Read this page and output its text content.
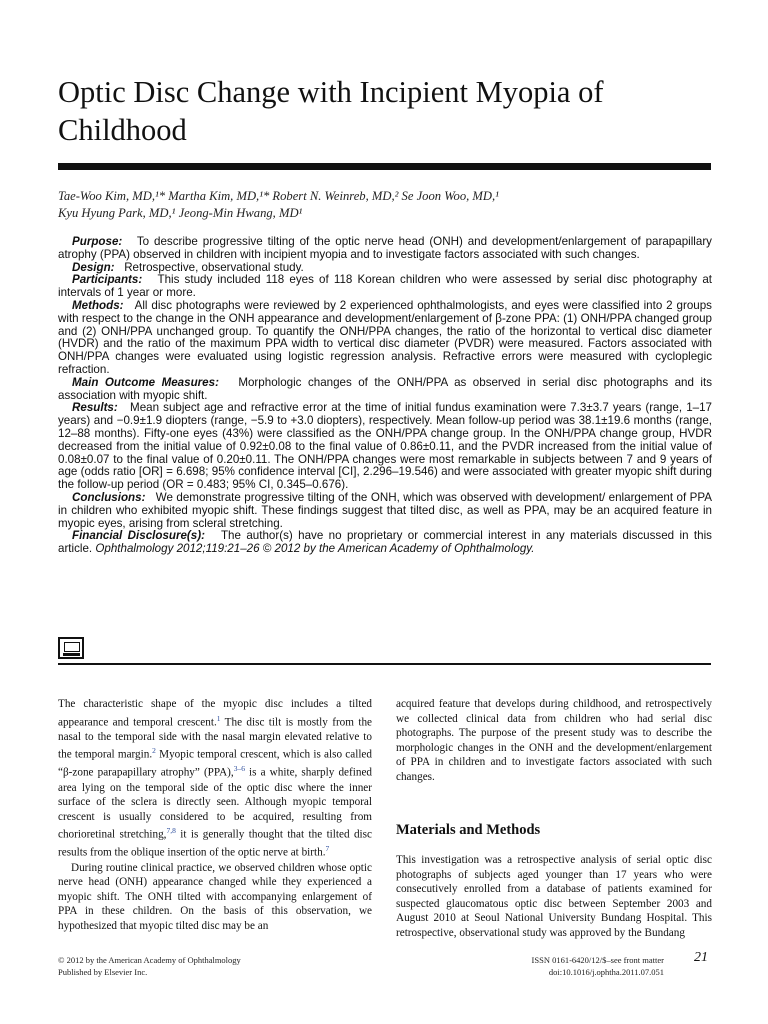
Optic Disc Change with Incipient Myopia of Childhood
Tae-Woo Kim, MD,¹* Martha Kim, MD,¹* Robert N. Weinreb, MD,² Se Joon Woo, MD,¹
Kyu Hyung Park, MD,¹ Jeong-Min Hwang, MD¹

Purpose: To describe progressive tilting of the optic nerve head (ONH) and development/enlargement of parapapillary atrophy (PPA) observed in children with incipient myopia and to investigate factors associated with such changes.

Design: Retrospective, observational study.

Participants: This study included 118 eyes of 118 Korean children who were assessed by serial disc photography at intervals of 1 year or more.

Methods: All disc photographs were reviewed by 2 experienced ophthalmologists, and eyes were classified into 2 groups with respect to the change in the ONH appearance and development/enlargement of β-zone PPA: (1) ONH/PPA changed group and (2) ONH/PPA unchanged group. To quantify the ONH/PPA changes, the ratio of the horizontal to vertical disc diameter (HVDR) and the ratio of the maximum PPA width to vertical disc diameter (PVDR) were measured. Factors associated with ONH/PPA changes were evaluated using logistic regression analysis. Refractive errors were measured with cycloplegic refraction.

Main Outcome Measures: Morphologic changes of the ONH/PPA as observed in serial disc photographs and its association with myopic shift.

Results: Mean subject age and refractive error at the time of initial fundus examination were 7.3±3.7 years (range, 1–17 years) and −0.9±1.9 diopters (range, −5.9 to +3.0 diopters), respectively. Mean follow-up period was 38.1±19.6 months (range, 12–88 months). Fifty-one eyes (43%) were classified as the ONH/PPA change group. In the ONH/PPA change group, HVDR decreased from the initial value of 0.92±0.08 to the final value of 0.86±0.11, and the PVDR increased from the initial value of 0.08±0.07 to the final value of 0.20±0.11. The ONH/PPA changes were most remarkable in subjects between 7 and 9 years of age (odds ratio [OR] = 6.698; 95% confidence interval [CI], 2.296–19.546) and were associated with greater myopic shift during the follow-up period (OR = 0.483; 95% CI, 0.345–0.676).

Conclusions: We demonstrate progressive tilting of the ONH, which was observed with development/ enlargement of PPA in children who exhibited myopic shift. These findings suggest that tilted disc, as well as PPA, may be an acquired feature in myopic eyes, arising from scleral stretching.

Financial Disclosure(s): The author(s) have no proprietary or commercial interest in any materials discussed in this article. Ophthalmology 2012;119:21–26 © 2012 by the American Academy of Ophthalmology.

The characteristic shape of the myopic disc includes a tilted appearance and temporal crescent.$^1$ The disc tilt is mostly from the nasal to the temporal side with the nasal margin elevated relative to the temporal margin.$^2$ Myopic temporal crescent, which is also called “β-zone parapapillary atrophy” (PPA),$^{3-6}$ is a white, sharply defined area lying on the temporal side of the optic disc where the inner surface of the sclera is directly seen. Although myopic temporal crescent is usually considered to be acquired, resulting from chorioretinal stretching,$^{7,8}$ it is generally thought that the tilted disc results from the oblique insertion of the optic nerve at birth.$^7$

During routine clinical practice, we observed children whose optic nerve head (ONH) appearance changed while they experienced a myopic shift. The ONH tilted with accompanying enlargement of PPA in these children. On the basis of this observation, we hypothesized that myopic tilted disc may be an

acquired feature that develops during childhood, and retrospectively we collected clinical data from children who had serial disc photographs. The purpose of the present study was to describe the morphologic changes in the ONH and the development/enlargement of PPA in children and to investigate factors associated with such changes.

Materials and Methods

This investigation was a retrospective analysis of serial optic disc photographs of subjects aged younger than 17 years who were consecutively enrolled from a database of patients examined for suspected glaucomatous optic disc between September 2003 and August 2010 at Seoul National University Bundang Hospital. This retrospective, observational study was approved by the Bundang

© 2012 by the American Academy of Ophthalmology
Published by Elsevier Inc.
ISSN 0161-6420/12/$–see front matter
doi:10.1016/j.ophtha.2011.07.051
21
